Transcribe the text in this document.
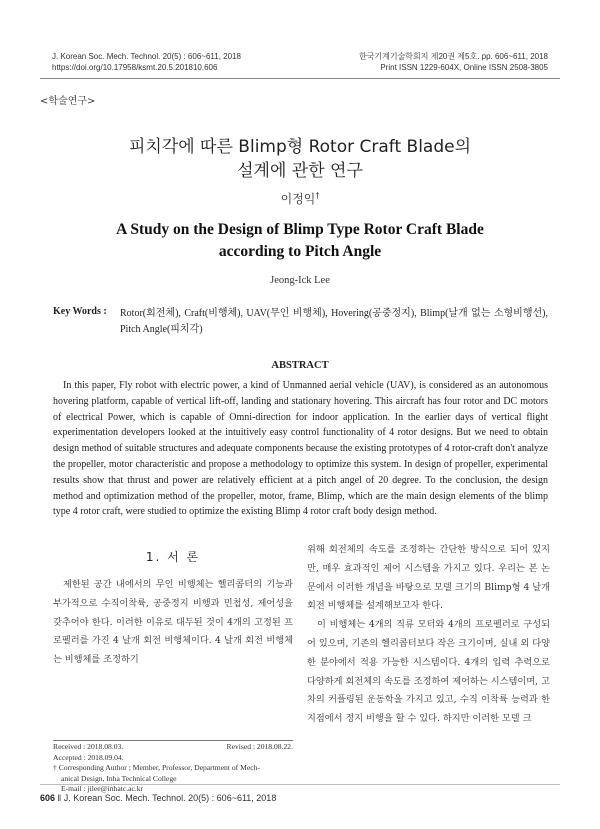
J. Korean Soc. Mech. Technol. 20(5) : 606~611, 2018
https://doi.org/10.17958/ksmt.20.5.201810.606
한국기계기술학회지 제20권 제5호. pp. 606~611, 2018
Print ISSN 1229-604X, Online ISSN 2508-3805
<학술연구>
피치각에 따른 Blimp형 Rotor Craft Blade의
설계에 관한 연구
이정익†
A Study on the Design of Blimp Type Rotor Craft Blade
according to Pitch Angle
Jeong-Ick Lee
Key Words : Rotor(회전체), Craft(비행체), UAV(무인 비행체), Hovering(공중정지), Blimp(날개 없는 소형비행선), Pitch Angle(피치각)
ABSTRACT

In this paper, Fly robot with electric power, a kind of Unmanned aerial vehicle (UAV), is considered as an autonomous hovering platform, capable of vertical lift-off, landing and stationary hovering. This aircraft has four rotor and DC motors of electrical Power, which is capable of Omni-direction for indoor application. In the earlier days of vertical flight experimentation developers looked at the intuitively easy control functionality of 4 rotor designs. But we need to obtain design method of suitable structures and adequate components because the existing prototypes of 4 rotor-craft don't analyze the propeller, motor characteristic and propose a methodology to optimize this system. In design of propeller, experimental results show that thrust and power are relatively efficient at a pitch angel of 20 degree. To the conclusion, the design method and optimization method of the propeller, motor, frame, Blimp, which are the main design elements of the blimp type 4 rotor craft, were studied to optimize the existing Blimp 4 rotor craft body design method.

1. 서 론

제한된 공간 내에서의 무인 비행체는 헬리콥터의 기능과 부가적으로 수직이착륙, 공중정지 비행과 민첩성, 제어성을 갖추어야 한다. 이러한 이유로 대두된 것이 4개의 고정된 프로펠러를 가진 4 날개 회전 비행체이다. 4 날개 회전 비행체는 비행체를 조정하기

위해 회전체의 속도를 조정하는 간단한 방식으로 되어 있지만, 매우 효과적인 제어 시스템을 가지고 있다. 우리는 본 논문에서 이러한 개념을 바탕으로 모델 크기의 Blimp형 4 날개 회전 비행체를 설계해보고자 한다.

이 비행체는 4개의 직류 모터와 4개의 프로펠러로 구성되어 있으며, 기존의 헬리콥터보다 작은 크기이며, 실내 외 다양한 분야에서 적용 가능한 시스템이다. 4개의 입력 추력으로 다양하게 회전체의 속도를 조정하여 제어하는 시스템이며, 고차의 커플링된 운동학을 가지고 있고, 수직 이착륙 능력과 한 지점에서 정지 비행을 할 수 있다. 하지만 이러한 모델 크

Received : 2018.08.03.	Revised : 2018.08.22.
Accepted : 2018.09.04.
† Corresponding Author ; Member, Professor, Department of Mech-
anical Design, Inha Technical College
E-mail : jilee@inhatc.ac.kr
606 ‖ J. Korean Soc. Mech. Technol. 20(5) : 606~611, 2018
